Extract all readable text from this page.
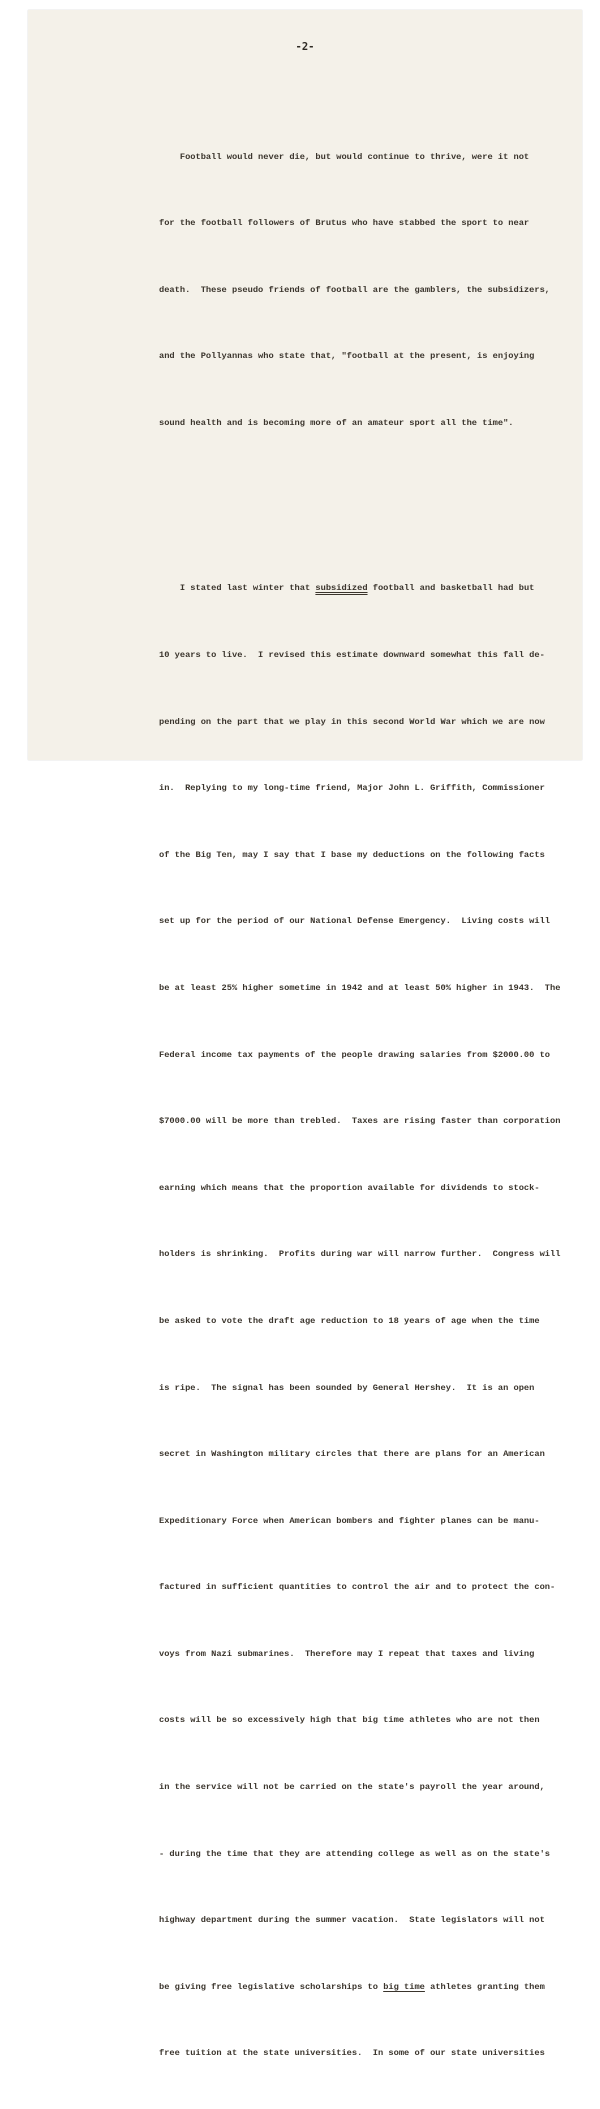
-2-

Football would never die, but would continue to thrive, were it not

for the football followers of Brutus who have stabbed the sport to near

death.  These pseudo friends of football are the gamblers, the subsidizers,

and the Pollyannas who state that, "football at the present, is enjoying

sound health and is becoming more of an amateur sport all the time".

I stated last winter that subsidized football and basketball had but

10 years to live.  I revised this estimate downward somewhat this fall de-

pending on the part that we play in this second World War which we are now

in.  Replying to my long-time friend, Major John L. Griffith, Commissioner

of the Big Ten, may I say that I base my deductions on the following facts

set up for the period of our National Defense Emergency.  Living costs will

be at least 25% higher sometime in 1942 and at least 50% higher in 1943.  The

Federal income tax payments of the people drawing salaries from $2000.00 to

$7000.00 will be more than trebled.  Taxes are rising faster than corporation

earning which means that the proportion available for dividends to stock-

holders is shrinking.  Profits during war will narrow further.  Congress will

be asked to vote the draft age reduction to 18 years of age when the time

is ripe.  The signal has been sounded by General Hershey.  It is an open

secret in Washington military circles that there are plans for an American

Expeditionary Force when American bombers and fighter planes can be manu-

factured in sufficient quantities to control the air and to protect the con-

voys from Nazi submarines.  Therefore may I repeat that taxes and living

costs will be so excessively high that big time athletes who are not then

in the service will not be carried on the state's payroll the year around,

- during the time that they are attending college as well as on the state's

highway department during the summer vacation.  State legislators will not

be giving free legislative scholarships to big time athletes granting them

free tuition at the state universities.  In some of our state universities
